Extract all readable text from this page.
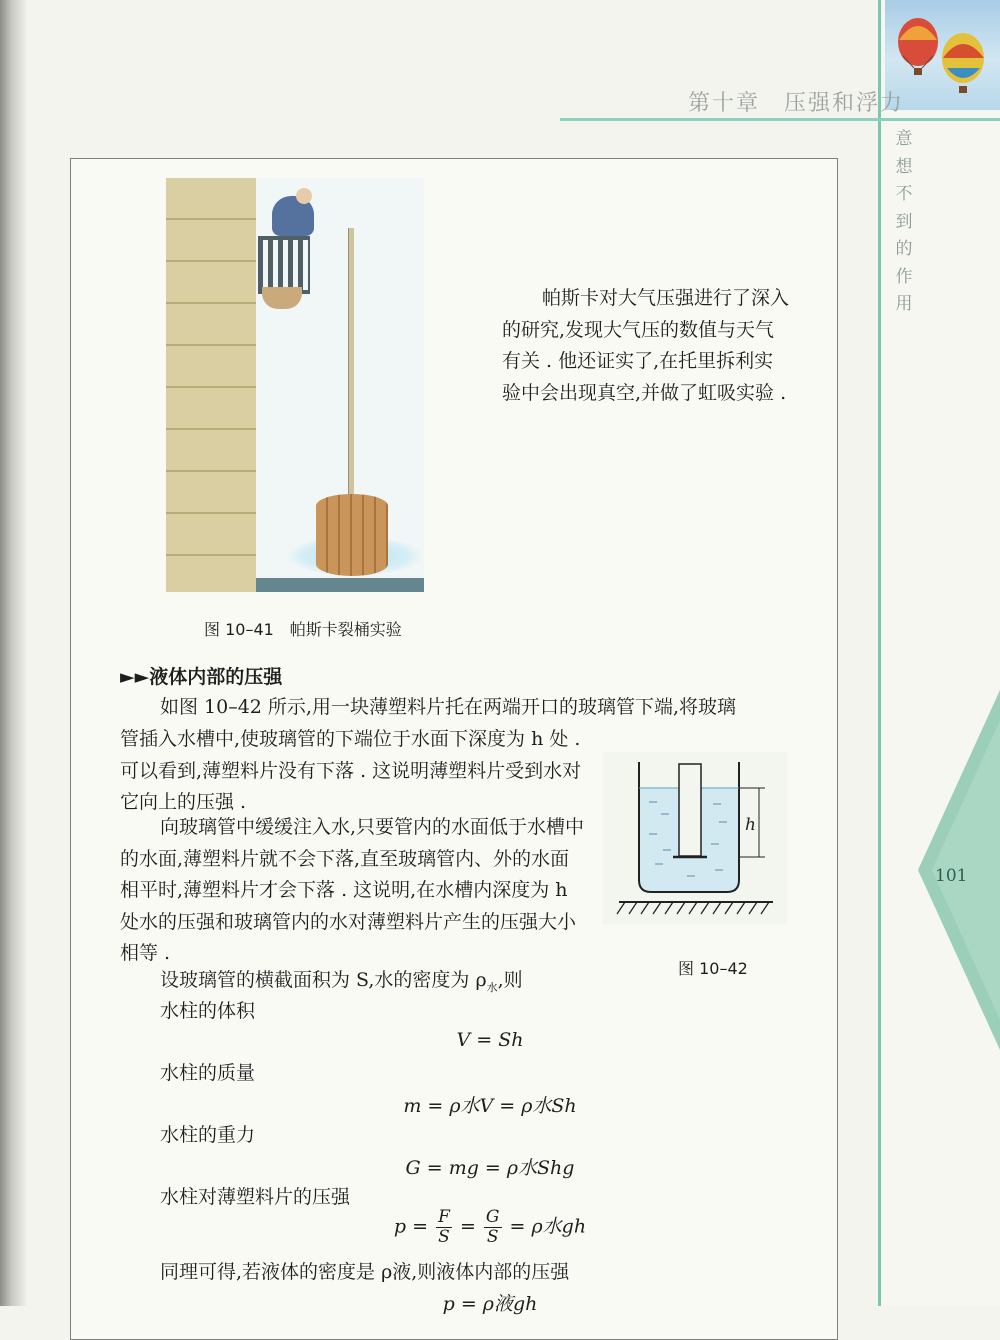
第十章　压强和浮力
意想不到的作用
101
帕斯卡对大气压强进行了深入的研究,发现大气压的数值与天气有关 . 他还证实了,在托里拆利实验中会出现真空,并做了虹吸实验 .
图 10–41　帕斯卡裂桶实验
►►液体内部的压强
如图 10–42 所示,用一块薄塑料片托在两端开口的玻璃管下端,将玻璃
管插入水槽中,使玻璃管的下端位于水面下深度为 h 处 . 可以看到,薄塑料片没有下落 . 这说明薄塑料片受到水对它向上的压强 .
向玻璃管中缓缓注入水,只要管内的水面低于水槽中的水面,薄塑料片就不会下落,直至玻璃管内、外的水面相平时,薄塑料片才会下落 . 这说明,在水槽内深度为 h 处水的压强和玻璃管内的水对薄塑料片产生的压强大小相等 .
h
图 10–42
设玻璃管的横截面积为 S,水的密度为 $\rho_水$,则
水柱的体积
V = Sh
水柱的质量
m = ρ水V = ρ水Sh
水柱的重力
G = mg = ρ水Shg
水柱对薄塑料片的压强
$p = \frac{F}{S} = \frac{G}{S} = \rho$水gh
同理可得,若液体的密度是 ρ液,则液体内部的压强
p = ρ液gh
